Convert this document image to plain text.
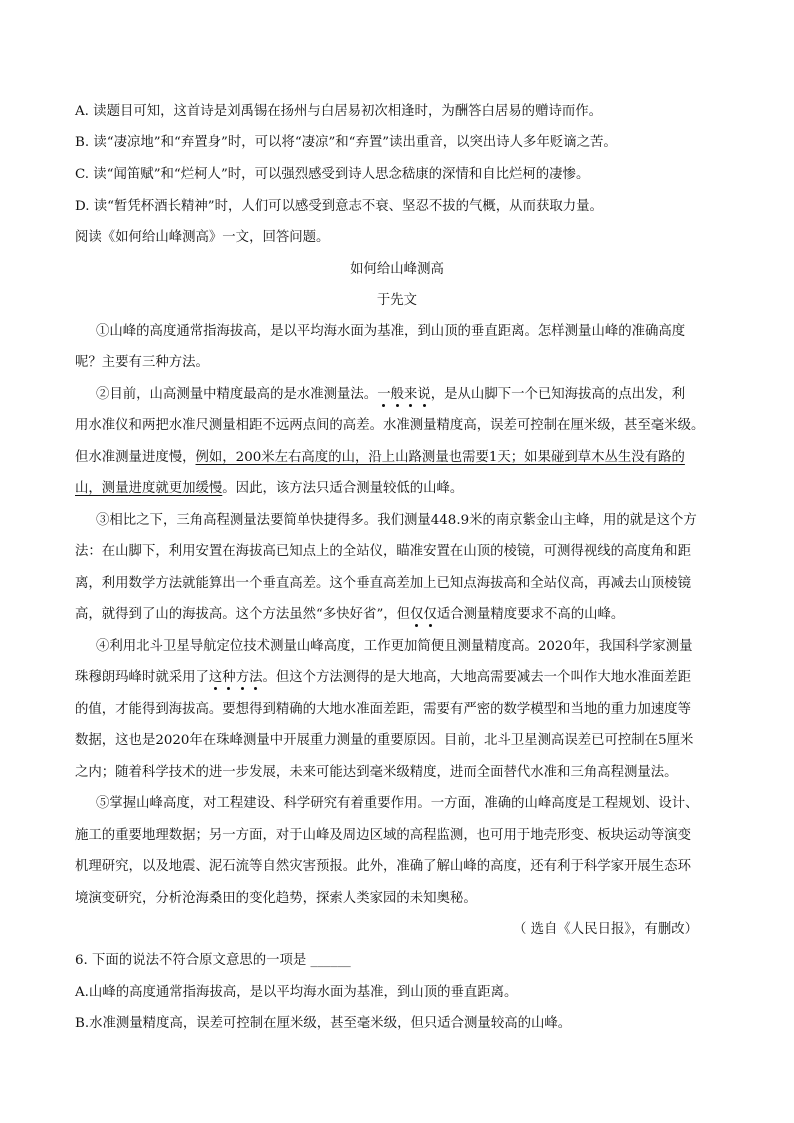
A. 读题目可知，这首诗是刘禹锡在扬州与白居易初次相逢时，为酬答白居易的赠诗而作。
B. 读“凄凉地”和“弃置身”时，可以将“凄凉”和“弃置”读出重音，以突出诗人多年贬谪之苦。
C. 读“闻笛赋”和“烂柯人”时，可以强烈感受到诗人思念嵇康的深情和自比烂柯的凄惨。
D. 读“暂凭杯酒长精神”时，人们可以感受到意志不衰、坚忍不拔的气概，从而获取力量。
阅读《如何给山峰测高》一文，回答问题。
如何给山峰测高
于先文
①山峰的高度通常指海拔高，是以平均海水面为基准，到山顶的垂直距离。怎样测量山峰的准确高度
呢？主要有三种方法。
②目前，山高测量中精度最高的是水准测量法。一般来说，是从山脚下一个已知海拔高的点出发，利
用水准仪和两把水准尺测量相距不远两点间的高差。水准测量精度高，误差可控制在厘米级，甚至毫米级。
但水准测量进度慢，例如，200米左右高度的山，沿上山路测量也需要1天；如果碰到草木丛生没有路的
山，测量进度就更加缓慢。因此，该方法只适合测量较低的山峰。
③相比之下，三角高程测量法要简单快捷得多。我们测量448.9米的南京紫金山主峰，用的就是这个方
法：在山脚下，利用安置在海拔高已知点上的全站仪，瞄准安置在山顶的棱镜，可测得视线的高度角和距
离，利用数学方法就能算出一个垂直高差。这个垂直高差加上已知点海拔高和全站仪高，再减去山顶棱镜
高，就得到了山的海拔高。这个方法虽然“多快好省”，但仅仅适合测量精度要求不高的山峰。
④利用北斗卫星导航定位技术测量山峰高度，工作更加简便且测量精度高。2020年，我国科学家测量
珠穆朗玛峰时就采用了这种方法。但这个方法测得的是大地高，大地高需要减去一个叫作大地水准面差距
的值，才能得到海拔高。要想得到精确的大地水准面差距，需要有严密的数学模型和当地的重力加速度等
数据，这也是2020年在珠峰测量中开展重力测量的重要原因。目前，北斗卫星测高误差已可控制在5厘米
之内；随着科学技术的进一步发展，未来可能达到毫米级精度，进而全面替代水准和三角高程测量法。
⑤掌握山峰高度，对工程建设、科学研究有着重要作用。一方面，准确的山峰高度是工程规划、设计、
施工的重要地理数据；另一方面，对于山峰及周边区域的高程监测，也可用于地壳形变、板块运动等演变
机理研究，以及地震、泥石流等自然灾害预报。此外，准确了解山峰的高度，还有利于科学家开展生态环
境演变研究，分析沧海桑田的变化趋势，探索人类家园的未知奥秘。
（ 选自《人民日报》，有删改）
6. 下面的说法不符合原文意思的一项是 ______
A.山峰的高度通常指海拔高，是以平均海水面为基准，到山顶的垂直距离。
B.水准测量精度高，误差可控制在厘米级，甚至毫米级，但只适合测量较高的山峰。
